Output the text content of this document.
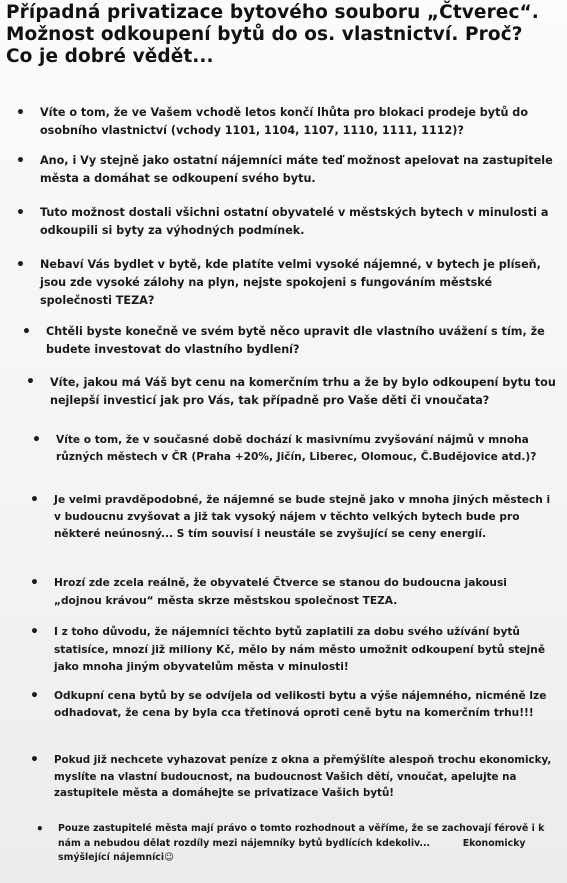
Případná privatizace bytového souboru „Čtverec“.
Možnost odkoupení bytů do os. vlastnictví. Proč?
Co je dobré vědět...
• Víte o tom, že ve Vašem vchodě letos končí lhůta pro blokaci prodeje bytů do osobního vlastnictví (vchody 1101, 1104, 1107, 1110, 1111, 1112)?
• Ano, i Vy stejně jako ostatní nájemníci máte teď možnost apelovat na zastupitele města a domáhat se odkoupení svého bytu.
• Tuto možnost dostali všichni ostatní obyvatelé v městských bytech v minulosti a odkoupili si byty za výhodných podmínek.
• Nebaví Vás bydlet v bytě, kde platíte velmi vysoké nájemné, v bytech je plíseň, jsou zde vysoké zálohy na plyn, nejste spokojeni s fungováním městské společnosti TEZA?
• Chtěli byste konečně ve svém bytě něco upravit dle vlastního uvážení s tím, že budete investovat do vlastního bydlení?
• Víte, jakou má Váš byt cenu na komerčním trhu a že by bylo odkoupení bytu tou nejlepší investicí jak pro Vás, tak případně pro Vaše děti či vnoučata?
• Víte o tom, že v současné době dochází k masivnímu zvyšování nájmů v mnoha různých městech v ČR (Praha +20%, Jičín, Liberec, Olomouc, Č.Budějovice atd.)?
• Je velmi pravděpodobné, že nájemné se bude stejně jako v mnoha jiných městech i v budoucnu zvyšovat a již tak vysoký nájem v těchto velkých bytech bude pro některé neúnosný... S tím souvisí i neustále se zvyšující se ceny energií.
• Hrozí zde zcela reálně, že obyvatelé Čtverce se stanou do budoucna jakousi „dojnou krávou“ města skrze městskou společnost TEZA.
• I z toho důvodu, že nájemníci těchto bytů zaplatili za dobu svého užívání bytů statisíce, mnozí již miliony Kč, mělo by nám město umožnit odkoupení bytů stejně jako mnoha jiným obyvatelům města v minulosti!
• Odkupní cena bytů by se odvíjela od velikosti bytu a výše nájemného, nicméně lze odhadovat, že cena by byla cca třetinová oproti ceně bytu na komerčním trhu!!!
• Pokud již nechcete vyhazovat peníze z okna a přemýšlíte alespoň trochu ekonomicky, myslíte na vlastní budoucnost, na budoucnost Vašich dětí, vnoučat, apelujte na zastupitele města a domáhejte se privatizace Vašich bytů!
• Pouze zastupitelé města mají právo o tomto rozhodnout a věříme, že se zachovají férově i k nám a nebudou dělat rozdíly mezi nájemníky bytů bydlících kdekoliv...          Ekonomicky smýšlející nájemníci☺
